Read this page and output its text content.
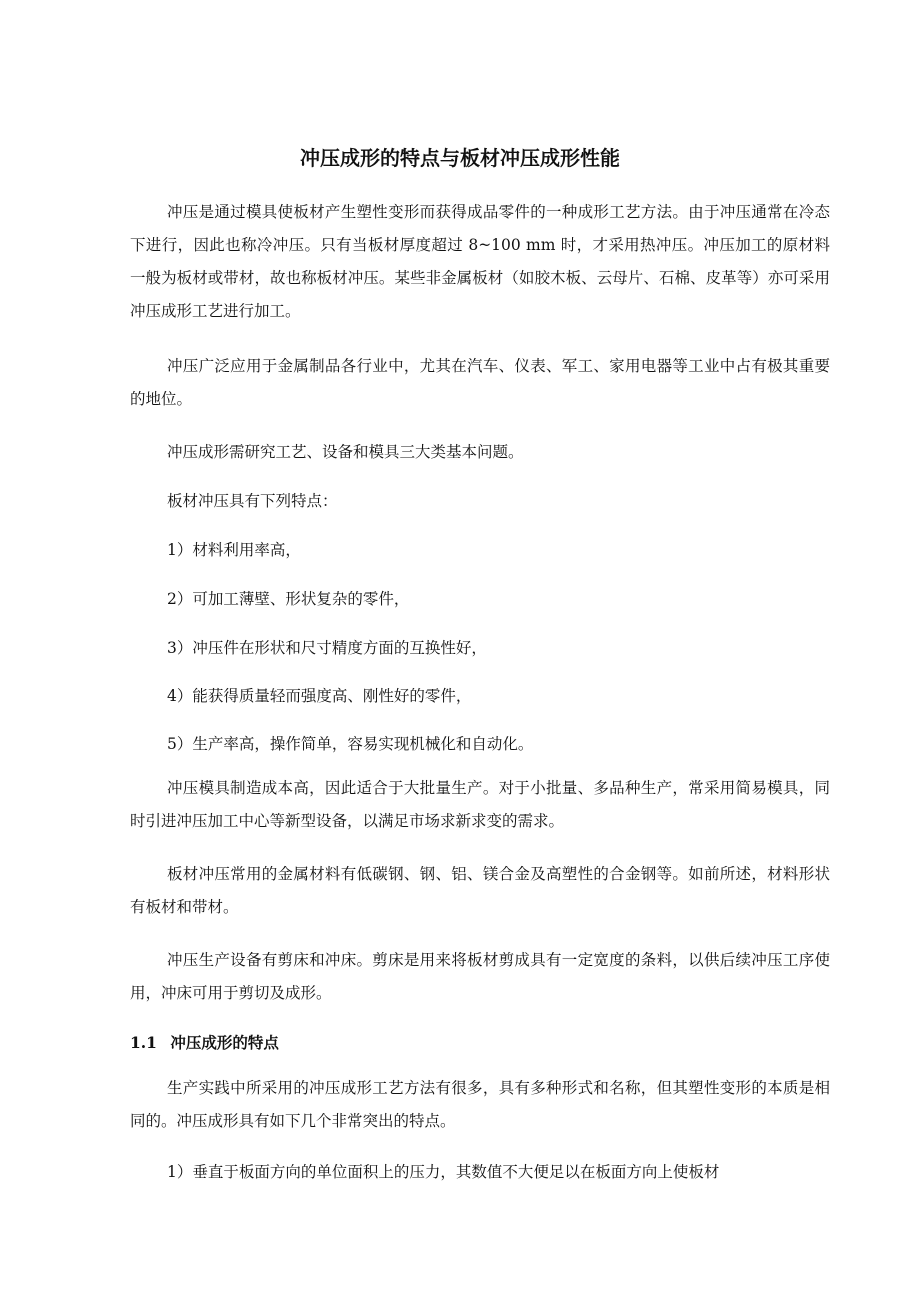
冲压成形的特点与板材冲压成形性能

冲压是通过模具使板材产生塑性变形而获得成品零件的一种成形工艺方法。由于冲压通常在冷态下进行，因此也称冷冲压。只有当板材厚度超过 8~100 mm 时，才采用热冲压。冲压加工的原材料一般为板材或带材，故也称板材冲压。某些非金属板材（如胶木板、云母片、石棉、皮革等）亦可采用冲压成形工艺进行加工。

冲压广泛应用于金属制品各行业中，尤其在汽车、仪表、军工、家用电器等工业中占有极其重要的地位。

冲压成形需研究工艺、设备和模具三大类基本问题。

板材冲压具有下列特点：

1）材料利用率高，

2）可加工薄壁、形状复杂的零件，

3）冲压件在形状和尺寸精度方面的互换性好，

4）能获得质量轻而强度高、刚性好的零件，

5）生产率高，操作简单，容易实现机械化和自动化。

冲压模具制造成本高，因此适合于大批量生产。对于小批量、多品种生产，常采用简易模具，同时引进冲压加工中心等新型设备，以满足市场求新求变的需求。

板材冲压常用的金属材料有低碳钢、钢、铝、镁合金及高塑性的合金钢等。如前所述，材料形状有板材和带材。

冲压生产设备有剪床和冲床。剪床是用来将板材剪成具有一定宽度的条料，以供后续冲压工序使用，冲床可用于剪切及成形。

1.1 冲压成形的特点

生产实践中所采用的冲压成形工艺方法有很多，具有多种形式和名称，但其塑性变形的本质是相同的。冲压成形具有如下几个非常突出的特点。

1）垂直于板面方向的单位面积上的压力，其数值不大便足以在板面方向上使板材
